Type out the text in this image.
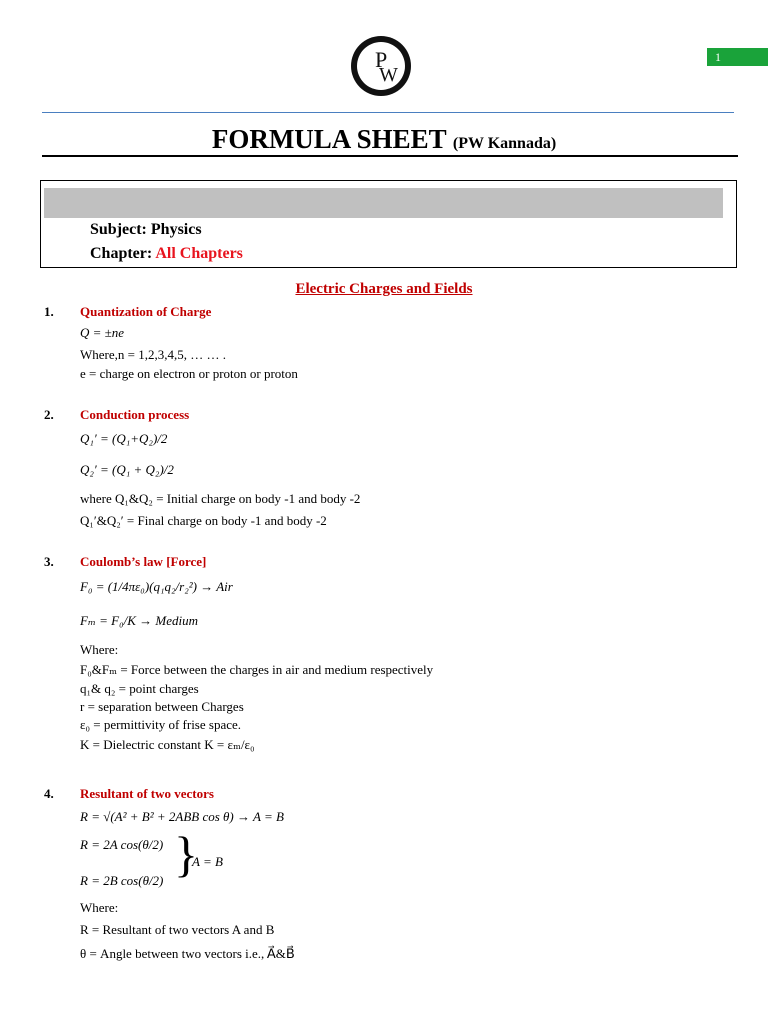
P
W
1
FORMULA SHEET (PW Kannada)
Subject: Physics
Chapter: All Chapters
Electric Charges and Fields
1. Quantization of Charge
Q = ±ne
Where,n = 1,2,3,4,5, … … .
e = charge on electron or proton or proton
2. Conduction process
Q₁′ = (Q₁+Q₂)/2
Q₂′ = (Q₁ + Q₂)/2
where Q₁&Q₂ = Initial charge on body -1 and body -2
Q₁′&Q₂′ = Final charge on body -1 and body -2
3. Coulomb’s law [Force]
F₀ = (1/4πε₀)(q₁q₂/r₂²) → Air
Fₘ = F₀/K → Medium
Where:
F₀&Fₘ = Force between the charges in air and medium respectively
q₁& q₂ = point charges
r = separation between Charges
ε₀ = permittivity of frise space.
K = Dielectric constant K = εₘ/ε₀
4. Resultant of two vectors
R = √(A² + B² + 2ABB cos θ) → A = B
R = 2A cos(θ/2)
R = 2B cos(θ/2) }
A = B
Where:
R = Resultant of two vectors A and B
θ = Angle between two vectors i.e., A⃗&B⃗
